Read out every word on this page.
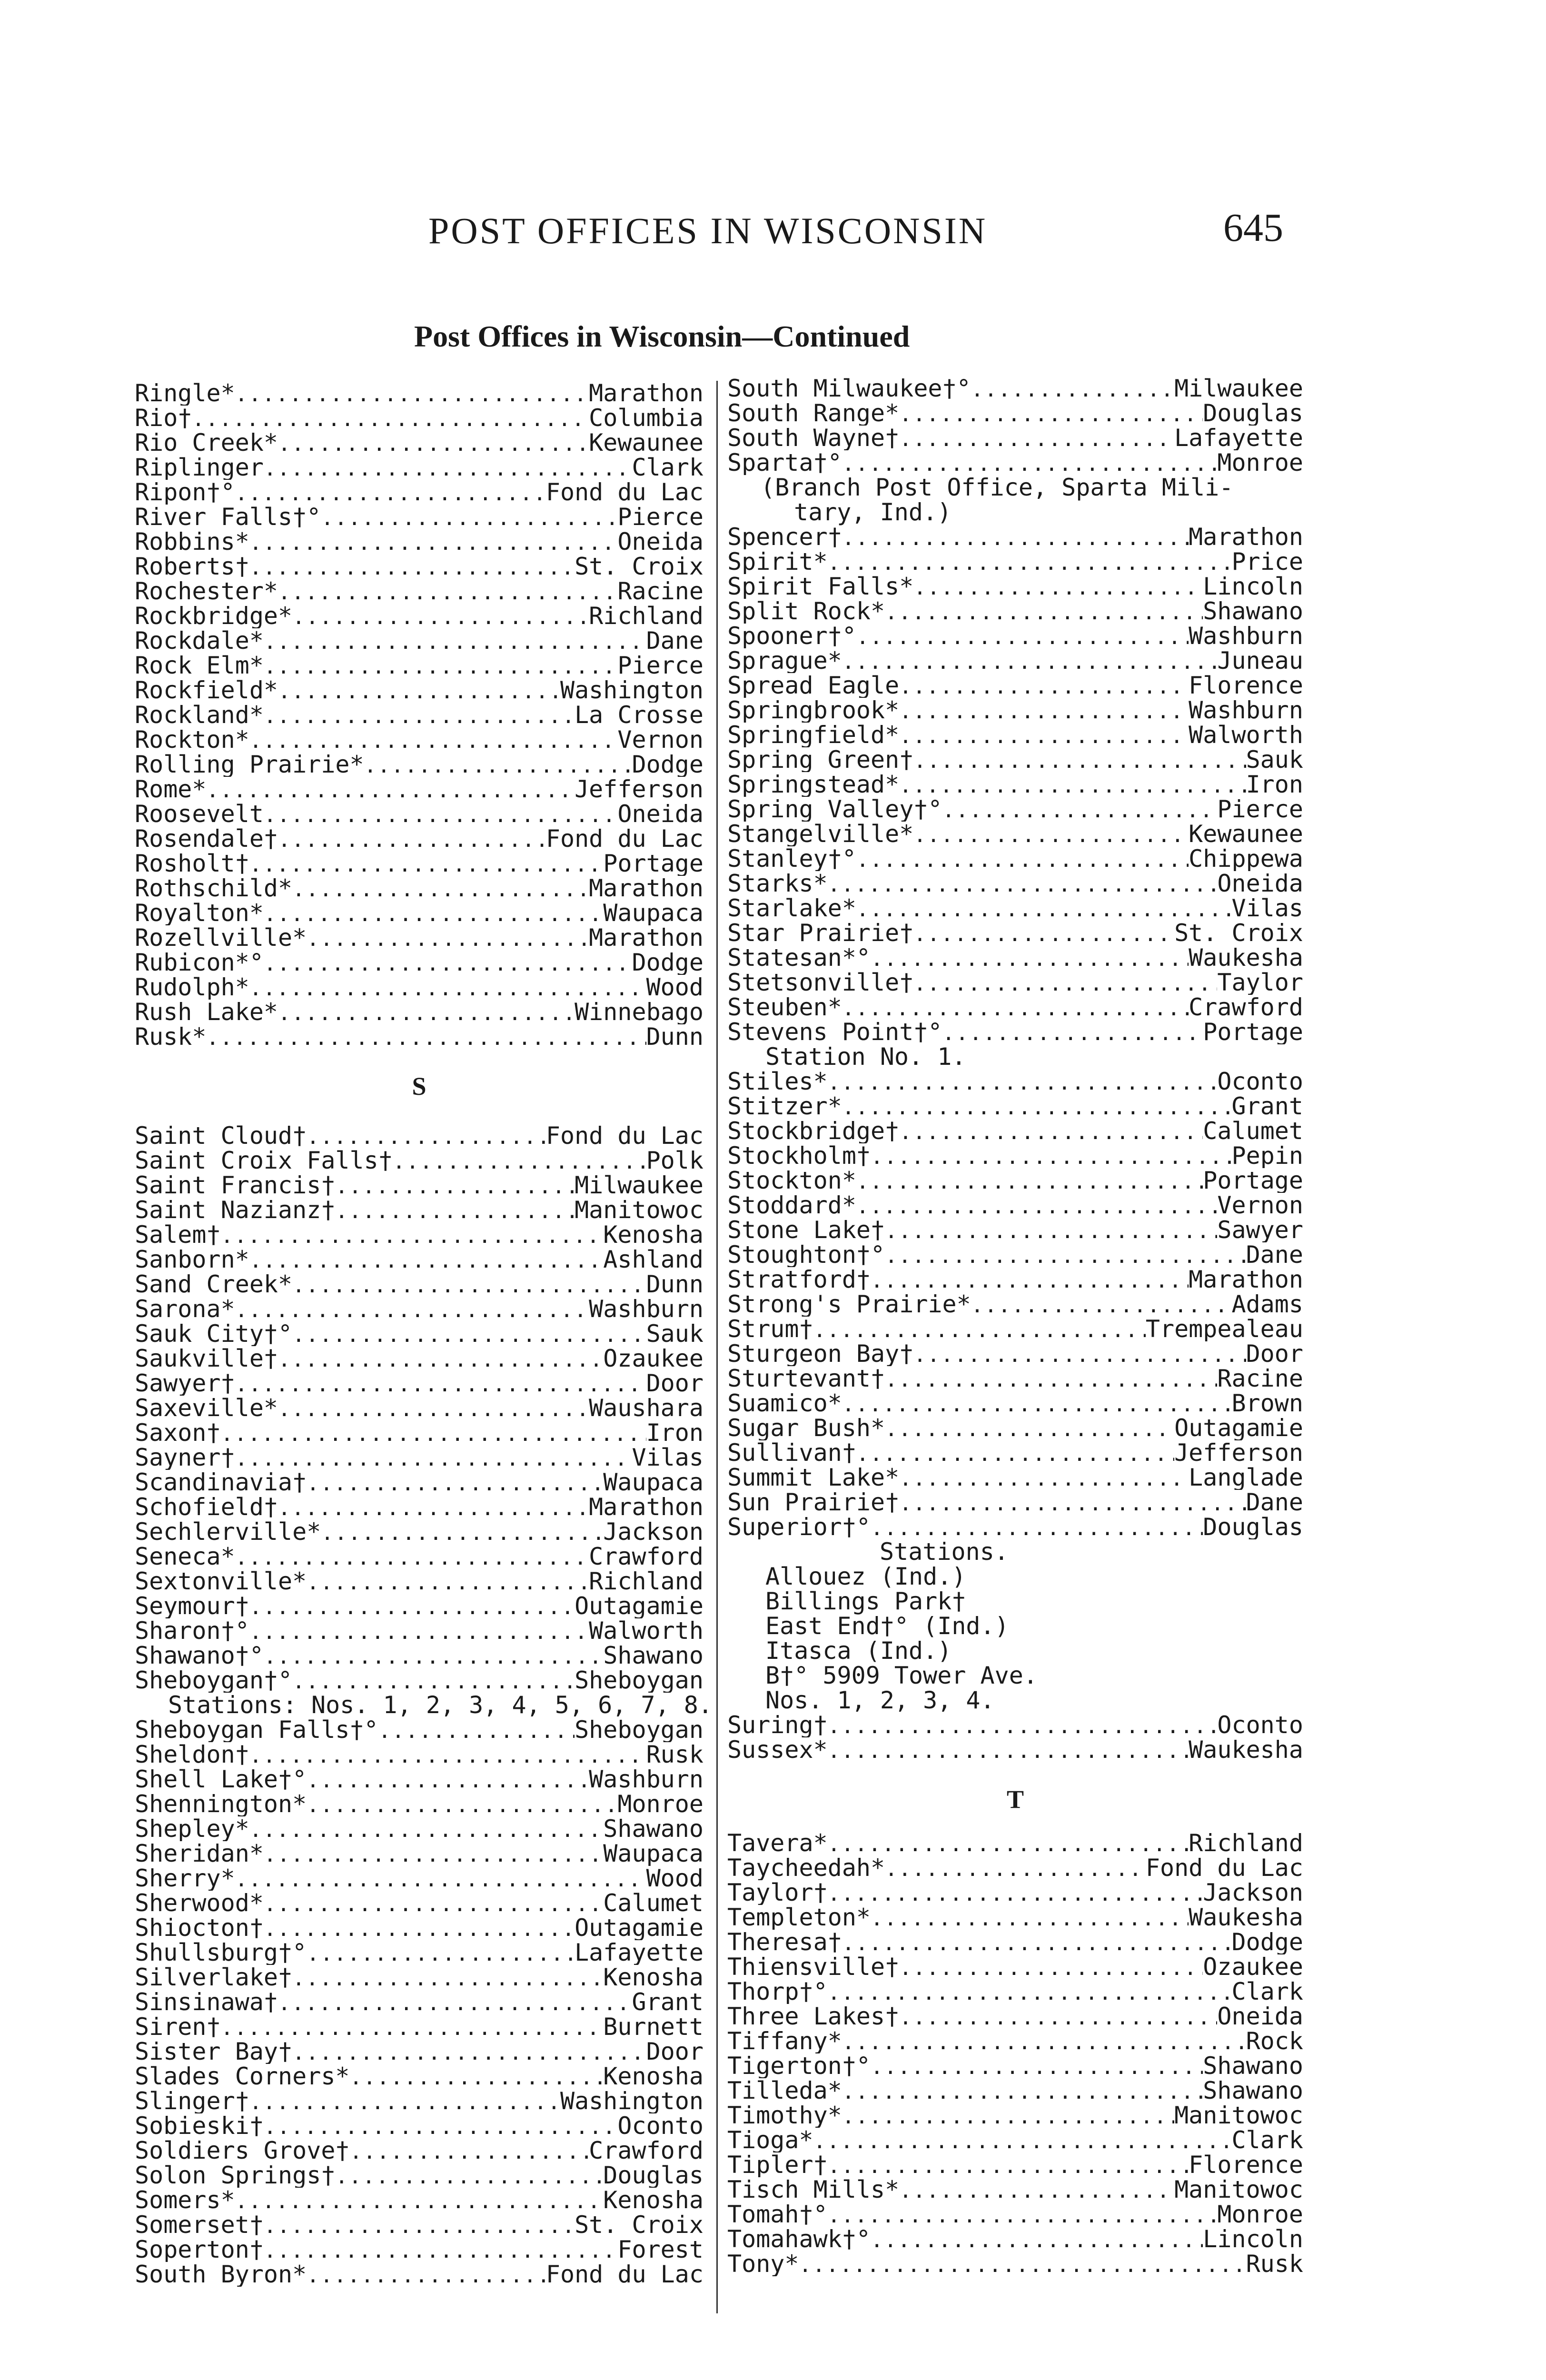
POST OFFICES IN WISCONSIN	645
Post Offices in Wisconsin—Continued
Ringle* .....	Marathon
Rio† .....	Columbia
Rio Creek* .....	Kewaunee
Riplinger .....	Clark
Ripon†° .....	Fond du Lac
River Falls†° .....	Pierce
Robbins* .....	Oneida
Roberts† .....	St. Croix
Rochester* .....	Racine
Rockbridge* .....	Richland
Rockdale* .....	Dane
Rock Elm* .....	Pierce
Rockfield* .....	Washington
Rockland* .....	La Crosse
Rockton* .....	Vernon
Rolling Prairie* .....	Dodge
Rome* .....	Jefferson
Roosevelt .....	Oneida
Rosendale† .....	Fond du Lac
Rosholt† .....	Portage
Rothschild* .....	Marathon
Royalton* .....	Waupaca
Rozellville* .....	Marathon
Rubicon*° .....	Dodge
Rudolph* .....	Wood
Rush Lake* .....	Winnebago
Rusk* .....	Dunn
S
Saint Cloud† .....	Fond du Lac
Saint Croix Falls† .....	Polk
Saint Francis† .....	Milwaukee
Saint Nazianz† .....	Manitowoc
Salem† .....	Kenosha
Sanborn* .....	Ashland
Sand Creek* .....	Dunn
Sarona* .....	Washburn
Sauk City†° .....	Sauk
Saukville† .....	Ozaukee
Sawyer† .....	Door
Saxeville* .....	Waushara
Saxon† .....	Iron
Sayner† .....	Vilas
Scandinavia† .....	Waupaca
Schofield† .....	Marathon
Sechlerville* .....	Jackson
Seneca* .....	Crawford
Sextonville* .....	Richland
Seymour† .....	Outagamie
Sharon†° .....	Walworth
Shawano†° .....	Shawano
Sheboygan†° .....	Sheboygan
Stations: Nos. 1, 2, 3, 4, 5, 6, 7, 8.
Sheboygan Falls†° .....	Sheboygan
Sheldon† .....	Rusk
Shell Lake†° .....	Washburn
Shennington* .....	Monroe
Shepley* .....	Shawano
Sheridan* .....	Waupaca
Sherry* .....	Wood
Sherwood* .....	Calumet
Shiocton† .....	Outagamie
Shullsburg†° .....	Lafayette
Silverlake† .....	Kenosha
Sinsinawa† .....	Grant
Siren† .....	Burnett
Sister Bay† .....	Door
Slades Corners* .....	Kenosha
Slinger† .....	Washington
Sobieski† .....	Oconto
Soldiers Grove† .....	Crawford
Solon Springs† .....	Douglas
Somers* .....	Kenosha
Somerset† .....	St. Croix
Soperton† .....	Forest
South Byron* .....	Fond du Lac
South Milwaukee†° .....	Milwaukee
South Range* .....	Douglas
South Wayne† .....	Lafayette
Sparta†° .....	Monroe
(Branch Post Office, Sparta Mili-
tary, Ind.)
Spencer† .....	Marathon
Spirit* .....	Price
Spirit Falls* .....	Lincoln
Split Rock* .....	Shawano
Spooner†° .....	Washburn
Sprague* .....	Juneau
Spread Eagle .....	Florence
Springbrook* .....	Washburn
Springfield* .....	Walworth
Spring Green† .....	Sauk
Springstead* .....	Iron
Spring Valley†° .....	Pierce
Stangelville* .....	Kewaunee
Stanley†° .....	Chippewa
Starks* .....	Oneida
Starlake* .....	Vilas
Star Prairie† .....	St. Croix
Statesan*° .....	Waukesha
Stetsonville† .....	Taylor
Steuben* .....	Crawford
Stevens Point†° .....	Portage
Station No. 1.
Stiles* .....	Oconto
Stitzer* .....	Grant
Stockbridge† .....	Calumet
Stockholm† .....	Pepin
Stockton* .....	Portage
Stoddard* .....	Vernon
Stone Lake† .....	Sawyer
Stoughton†° .....	Dane
Stratford† .....	Marathon
Strong's Prairie* .....	Adams
Strum† .....	Trempealeau
Sturgeon Bay† .....	Door
Sturtevant† .....	Racine
Suamico* .....	Brown
Sugar Bush* .....	Outagamie
Sullivan† .....	Jefferson
Summit Lake* .....	Langlade
Sun Prairie† .....	Dane
Superior†° .....	Douglas
Stations.
Allouez (Ind.)
Billings Park†
East End†° (Ind.)
Itasca (Ind.)
B†° 5909 Tower Ave.
Nos. 1, 2, 3, 4.
Suring† .....	Oconto
Sussex* .....	Waukesha
T
Tavera* .....	Richland
Taycheedah* .....	Fond du Lac
Taylor† .....	Jackson
Templeton* .....	Waukesha
Theresa† .....	Dodge
Thiensville† .....	Ozaukee
Thorp†° .....	Clark
Three Lakes† .....	Oneida
Tiffany* .....	Rock
Tigerton†° .....	Shawano
Tilleda* .....	Shawano
Timothy* .....	Manitowoc
Tioga* .....	Clark
Tipler† .....	Florence
Tisch Mills* .....	Manitowoc
Tomah†° .....	Monroe
Tomahawk†° .....	Lincoln
Tony* .....	Rusk
